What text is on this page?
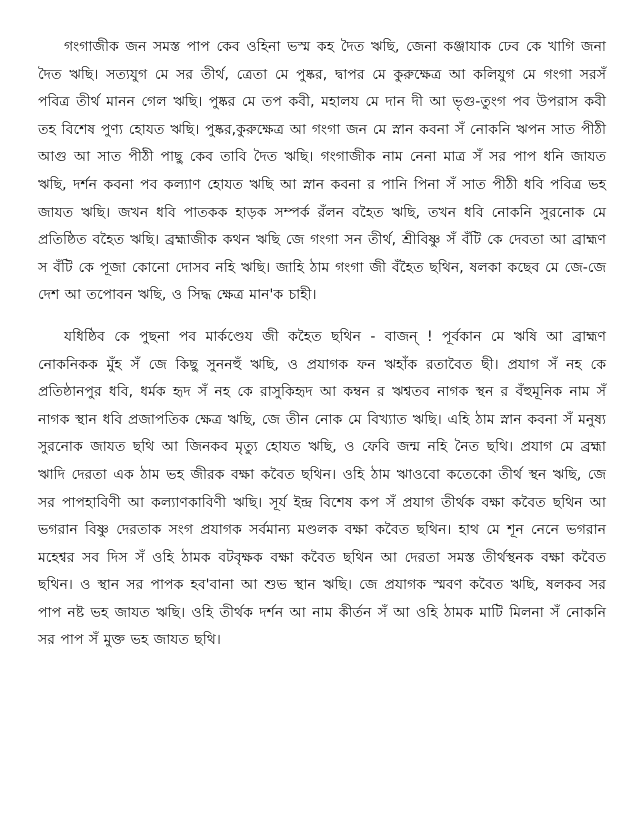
গংগাজীক জন সমস্ত পাপ কেব ওহিনা ভস্ম কহ দৈত ঋছি, জেনা কঞ্জাযাক ঢেব কে খাগি জনা দৈত ঋছি। সত্যযুগ মে সর তীর্থ, ত্রেতা মে পুষ্কর, দ্বাপর মে কুরুক্ষেত্র আ কলিযুগ মে গংগা সরসঁ পবিত্র তীর্থ মানন গেল ঋছি। পুষ্কর মে তপ কবী, মহালয মে দান দী আ ভৃগু-তুংগ পব উপরাস কবী তহ বিশেষ পুণ্য হোযত ঋছি। পুষ্কর,কুরুক্ষেত্র আ গংগা জন মে স্নান কবনা সঁ নোকনি ঋপন সাত পীঠী আগু আ সাত পীঠী পাছু কেব তাবি দৈত ঋছি। গংগাজীক নাম নেনা মাত্র সঁ সর পাপ ধনি জাযত ঋছি, দর্শন কবনা পব কল্যাণ হোযত ঋছি আ স্নান কবনা র পানি পিনা সঁ সাত পীঠী ধবি পবিত্র ভহ জাযত ঋছি। জখন ধবি পাতকক হাড়ক সম্পর্ক রঁলন বহৈত ঋছি, তখন ধবি নোকনি সুরনোক মে প্রতিষ্ঠিত বহৈত ঋছি। ব্রহ্মাজীক কথন ঋছি জে গংগা সন তীর্থ, শ্রীবিষ্ণু সঁ বঁটি কে দেবতা আ ব্রাহ্মণ স বঁটি কে পূজা কোনো দোসব নহি ঋছি। জাহি ঠাম গংগা জী বঁহৈত ছথিন, ষলকা কছেব মে জে-জে দেশ আ তপোবন ঋছি, ও সিদ্ধ ক্ষেত্র মান'ক চাহী।

যধিষ্ঠিব কে পুছনা পব মার্কণ্ডেয জী কহৈত ছথিন - বাজন্ ! পূর্বকান মে ঋষি আ ব্রাহ্মণ নোকনিকক মুঁহ সঁ জে কিছু সুননহুঁ ঋছি, ও প্রযাগক ফন ঋহাঁক রতাবৈত ছী। প্রযাগ সঁ নহ কে প্রতিষ্ঠানপুর ধবি, ধর্মক হৃদ সঁ নহ কে রাসুকিহৃদ আ কম্বন র ঋশ্বতব নাগক স্থন র বঁহুমূনিক নাম সঁ নাগক স্থান ধবি প্রজাপতিক ক্ষেত্র ঋছি, জে তীন নোক মে বিখ্যাত ঋছি। এহি ঠাম স্নান কবনা সঁ মনুষ্য সুরনোক জাযত ছথি আ জিনকব মৃত্যু হোযত ঋছি, ও ফেবি জন্ম নহি নৈত ছথি। প্রযাগ মে ব্রহ্মা ঋাদি দেরতা এক ঠাম ভহ জীরক বক্ষা কবৈত ছথিন। ওহি ঠাম ঋাওবো কতেকো তীর্থ স্থন ঋছি, জে সর পাপহাবিণী আ কল্যাণকাবিণী ঋছি। সূর্য ইন্দ্র বিশেষ কপ সঁ প্রযাগ তীর্থক বক্ষা কবৈত ছথিন আ ভগরান বিষ্ণু দেরতাক সংগ প্রযাগক সর্বমান্য মণ্ডলক বক্ষা কবৈত ছথিন। হাথ মে শূন নেনে ভগরান মহেশ্বর সব দিস সঁ ওহি ঠামক বটবৃক্ষক বক্ষা কবৈত ছথিন আ দেরতা সমস্ত তীর্থস্থনক বক্ষা কবৈত ছথিন। ও স্থান সর পাপক হব'বানা আ শুভ স্থান ঋছি। জে প্রযাগক স্মবণ কবৈত ঋছি, ষলকব সর পাপ নষ্ট ভহ জাযত ঋছি। ওহি তীর্থক দর্শন আ নাম কীর্তন সঁ আ ওহি ঠামক মাটি মিলনা সঁ নোকনি সর পাপ সঁ মুক্ত ভহ জাযত ছথি।
